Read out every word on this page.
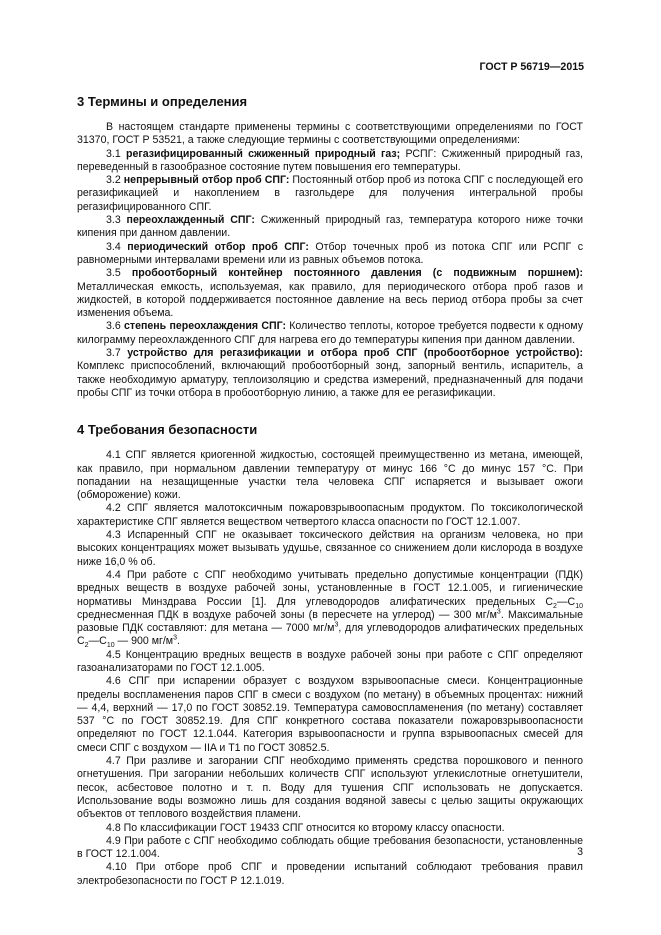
ГОСТ Р 56719—2015
3 Термины и определения

В настоящем стандарте применены термины с соответствующими определениями по ГОСТ 31370, ГОСТ Р 53521, а также следующие термины с соответствующими определениями:

3.1 регазифицированный сжиженный природный газ; РСПГ: Сжиженный природный газ, переведенный в газообразное состояние путем повышения его температуры.

3.2 непрерывный отбор проб СПГ: Постоянный отбор проб из потока СПГ с последующей его регазификацией и накоплением в газгольдере для получения интегральной пробы регазифицированного СПГ.

3.3 переохлажденный СПГ: Сжиженный природный газ, температура которого ниже точки кипения при данном давлении.

3.4 периодический отбор проб СПГ: Отбор точечных проб из потока СПГ или РСПГ с равномерными интервалами времени или из равных объемов потока.

3.5 пробоотборный контейнер постоянного давления (с подвижным поршнем): Металлическая емкость, используемая, как правило, для периодического отбора проб газов и жидкостей, в которой поддерживается постоянное давление на весь период отбора пробы за счет изменения объема.

3.6 степень переохлаждения СПГ: Количество теплоты, которое требуется подвести к одному килограмму переохлажденного СПГ для нагрева его до температуры кипения при данном давлении.

3.7 устройство для регазификации и отбора проб СПГ (пробоотборное устройство): Комплекс приспособлений, включающий пробоотборный зонд, запорный вентиль, испаритель, а также необходимую арматуру, теплоизоляцию и средства измерений, предназначенный для подачи пробы СПГ из точки отбора в пробоотборную линию, а также для ее регазификации.

4 Требования безопасности

4.1 СПГ является криогенной жидкостью, состоящей преимущественно из метана, имеющей, как правило, при нормальном давлении температуру от минус 166 °С до минус 157 °С. При попадании на незащищенные участки тела человека СПГ испаряется и вызывает ожоги (обморожение) кожи.

4.2 СПГ является малотоксичным пожаровзрывоопасным продуктом. По токсикологической характеристике СПГ является веществом четвертого класса опасности по ГОСТ 12.1.007.

4.3 Испаренный СПГ не оказывает токсического действия на организм человека, но при высоких концентрациях может вызывать удушье, связанное со снижением доли кислорода в воздухе ниже 16,0 % об.

4.4 При работе с СПГ необходимо учитывать предельно допустимые концентрации (ПДК) вредных веществ в воздухе рабочей зоны, установленные в ГОСТ 12.1.005, и гигиенические нормативы Минздрава России [1]. Для углеводородов алифатических предельных $C_2—C_{10}$ среднесменная ПДК в воздухе рабочей зоны (в пересчете на углерод) — 300 $мг/м^3$. Максимальные разовые ПДК составляют: для метана — 7000 $мг/м^3$, для углеводородов алифатических предельных $C_2—C_{10}$ — 900 $мг/м^3$.

4.5 Концентрацию вредных веществ в воздухе рабочей зоны при работе с СПГ определяют газоанализаторами по ГОСТ 12.1.005.

4.6 СПГ при испарении образует с воздухом взрывоопасные смеси. Концентрационные пределы воспламенения паров СПГ в смеси с воздухом (по метану) в объемных процентах: нижний — 4,4, верхний — 17,0 по ГОСТ 30852.19. Температура самовоспламенения (по метану) составляет 537 °С по ГОСТ 30852.19. Для СПГ конкретного состава показатели пожаровзрывоопасности определяют по ГОСТ 12.1.044. Категория взрывоопасности и группа взрывоопасных смесей для смеси СПГ с воздухом — IIA и Т1 по ГОСТ 30852.5.

4.7 При разливе и загорании СПГ необходимо применять средства порошкового и пенного огнетушения. При загорании небольших количеств СПГ используют углекислотные огнетушители, песок, асбестовое полотно и т. п. Воду для тушения СПГ использовать не допускается. Использование воды возможно лишь для создания водяной завесы с целью защиты окружающих объектов от теплового воздействия пламени.

4.8 По классификации ГОСТ 19433 СПГ относится ко второму классу опасности.

4.9 При работе с СПГ необходимо соблюдать общие требования безопасности, установленные в ГОСТ 12.1.004.

4.10 При отборе проб СПГ и проведении испытаний соблюдают требования правил электробезопасности по ГОСТ Р 12.1.019.

3
